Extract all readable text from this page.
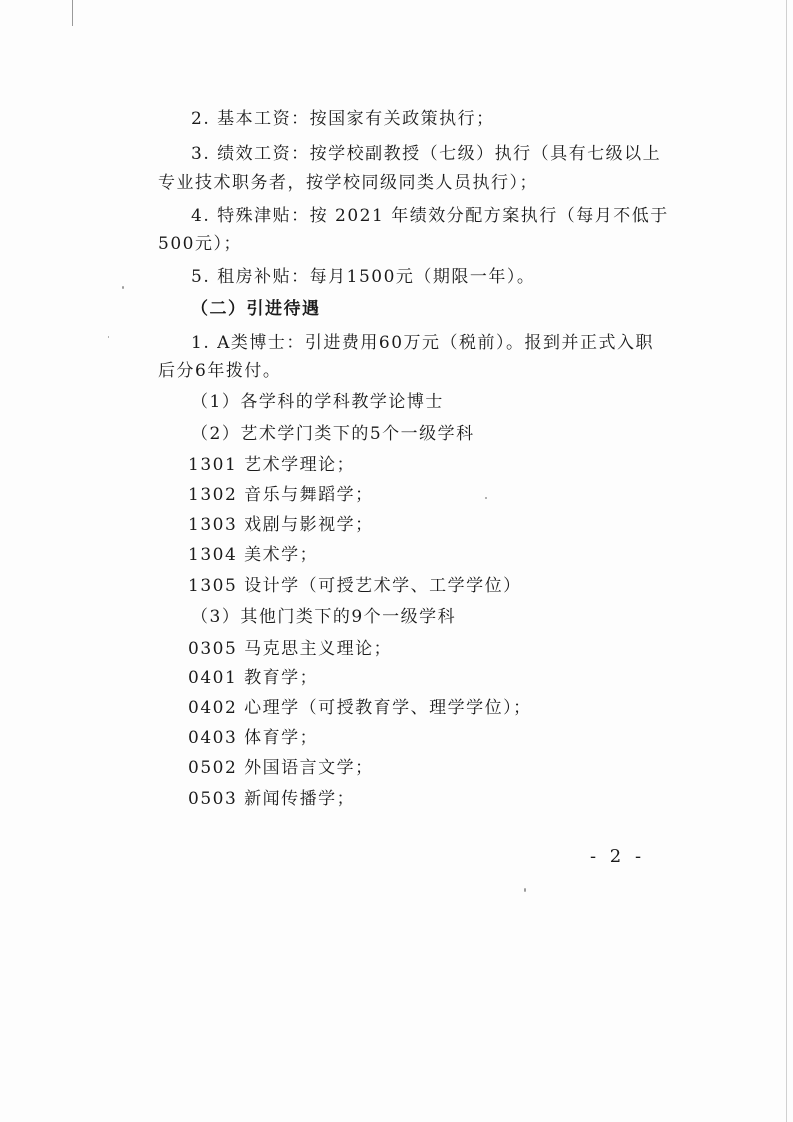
2. 基本工资：按国家有关政策执行；
3. 绩效工资：按学校副教授（七级）执行（具有七级以上
专业技术职务者，按学校同级同类人员执行）；
4. 特殊津贴：按 2021 年绩效分配方案执行（每月不低于
500元）；
5. 租房补贴：每月1500元（期限一年）。
（二）引进待遇
1. A类博士：引进费用60万元（税前）。报到并正式入职
后分6年拨付。
（1）各学科的学科教学论博士
（2）艺术学门类下的5个一级学科
1301 艺术学理论；
1302 音乐与舞蹈学；
1303 戏剧与影视学；
1304 美术学；
1305 设计学（可授艺术学、工学学位）
（3）其他门类下的9个一级学科
0305 马克思主义理论；
0401 教育学；
0402 心理学（可授教育学、理学学位）；
0403 体育学；
0502 外国语言文学；
0503 新闻传播学；
- 2 -
